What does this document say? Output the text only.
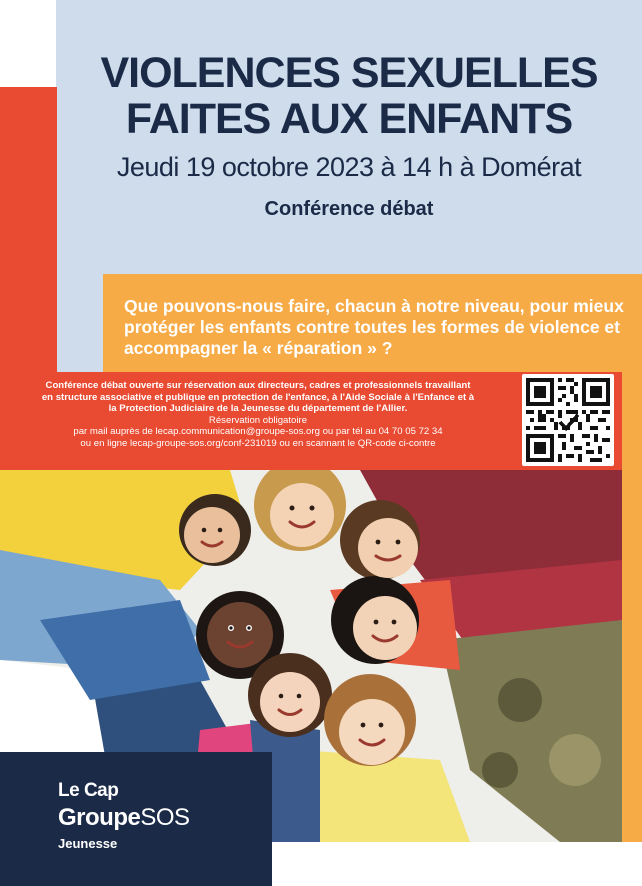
VIOLENCES SEXUELLES
FAITES AUX ENFANTS

Jeudi 19 octobre 2023 à 14 h à Domérat

Conférence débat

Que pouvons-nous faire, chacun à notre niveau, pour mieux protéger les enfants contre toutes les formes de violence et accompagner la « réparation » ?

Conférence débat ouverte sur réservation aux directeurs, cadres et professionnels travaillant

en structure associative et publique en protection de l'enfance, à l'Aide Sociale à l'Enfance et à

la Protection Judiciaire de la Jeunesse du département de l'Allier.

Réservation obligatoire

par mail auprès de lecap.communication@groupe-sos.org ou par tél au 04 70 05 72 34

ou en ligne lecap-groupe-sos.org/conf-231019 ou en scannant le QR-code ci-contre

Le Cap
GroupeSOS
Jeunesse
